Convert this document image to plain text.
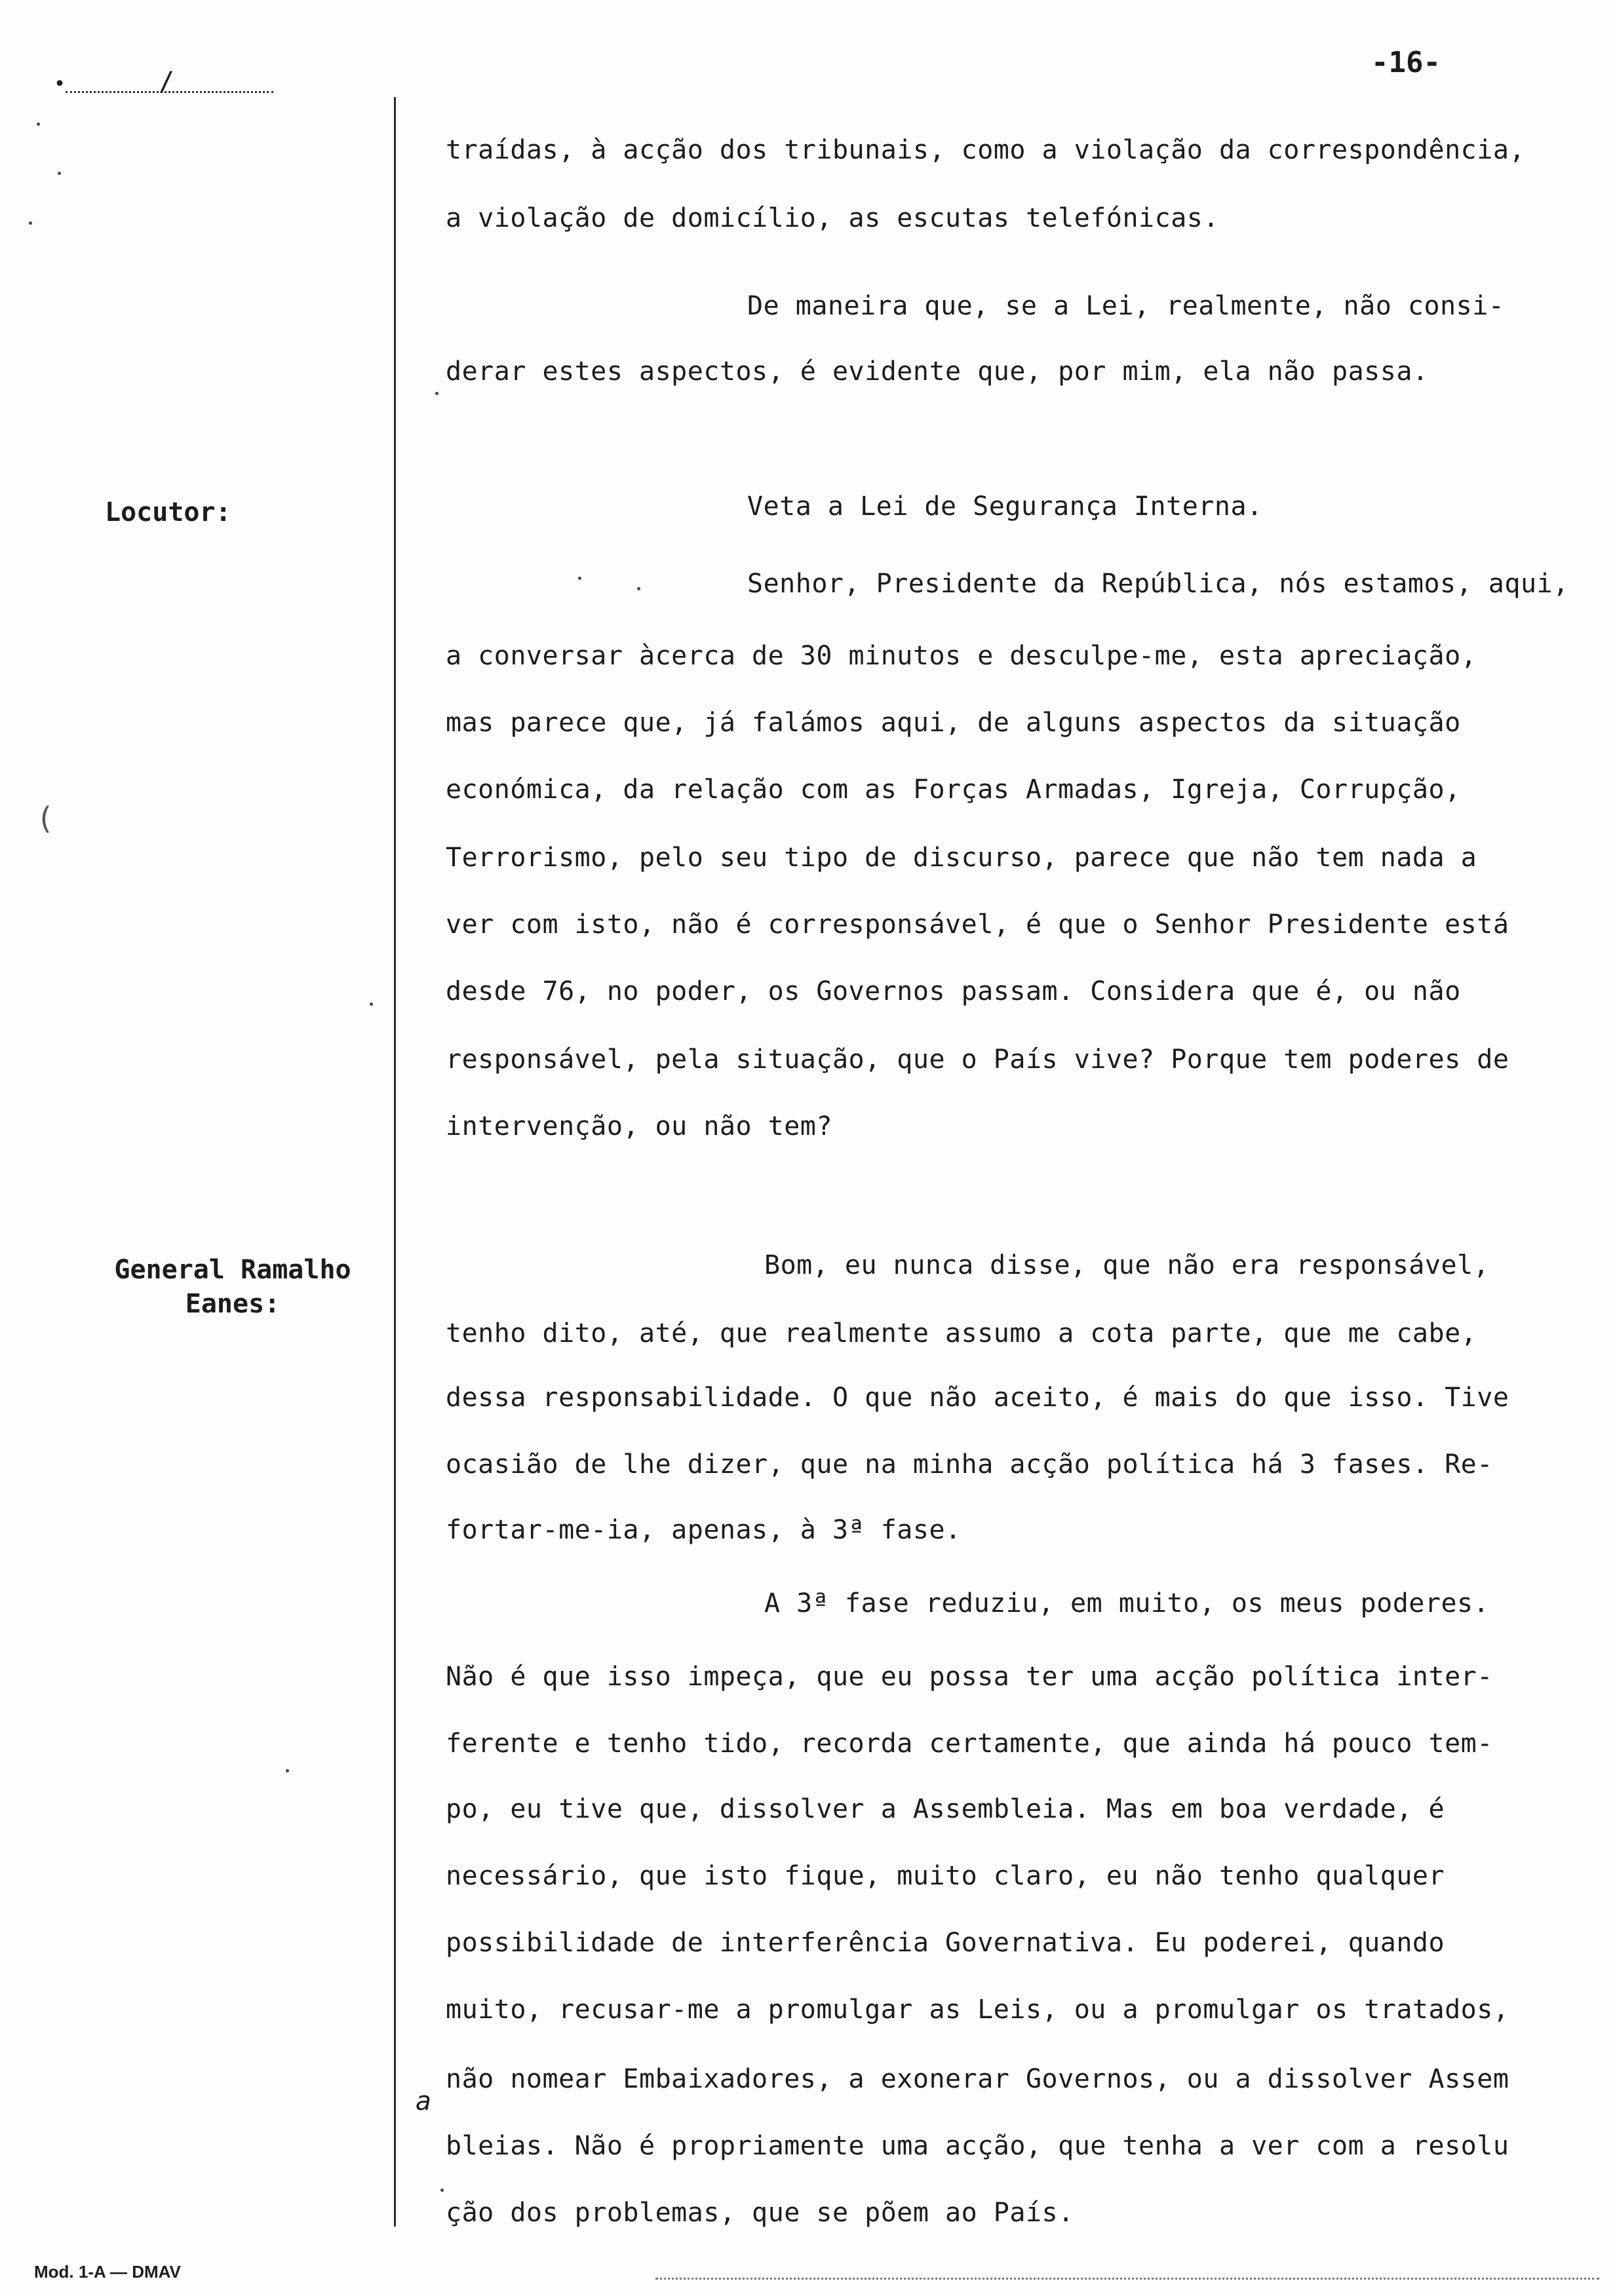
-16-
•	/
(
Locutor:
General Ramalho
Eanes:
traídas, à acção dos tribunais, como a violação da correspondência,
a violação de domicílio, as escutas telefónicas.
De maneira que, se a Lei, realmente, não consi-
derar estes aspectos, é evidente que, por mim, ela não passa.
Veta a Lei de Segurança Interna.
Senhor, Presidente da República, nós estamos, aqui,
a conversar àcerca de 30 minutos e desculpe-me, esta apreciação,
mas parece que, já falámos aqui, de alguns aspectos da situação
económica, da relação com as Forças Armadas, Igreja, Corrupção,
Terrorismo, pelo seu tipo de discurso, parece que não tem nada a
ver com isto, não é corresponsável, é que o Senhor Presidente está
desde 76, no poder, os Governos passam. Considera que é, ou não
responsável, pela situação, que o País vive? Porque tem poderes de
intervenção, ou não tem?
Bom, eu nunca disse, que não era responsável,
tenho dito, até, que realmente assumo a cota parte, que me cabe,
dessa responsabilidade. O que não aceito, é mais do que isso. Tive
ocasião de lhe dizer, que na minha acção política há 3 fases. Re-
fortar-me-ia, apenas, à 3ª fase.
A 3ª fase reduziu, em muito, os meus poderes.
Não é que isso impeça, que eu possa ter uma acção política inter-
ferente e tenho tido, recorda certamente, que ainda há pouco tem-
po, eu tive que, dissolver a Assembleia. Mas em boa verdade, é
necessário, que isto fique, muito claro, eu não tenho qualquer
possibilidade de interferência Governativa. Eu poderei, quando
muito, recusar-me a promulgar as Leis, ou a promulgar os tratados,
não nomear Embaixadores, a exonerar Governos, ou a dissolver Assem
bleias. Não é propriamente uma acção, que tenha a ver com a resolu
ção dos problemas, que se põem ao País.
a
Mod. 1-A — DMAV
